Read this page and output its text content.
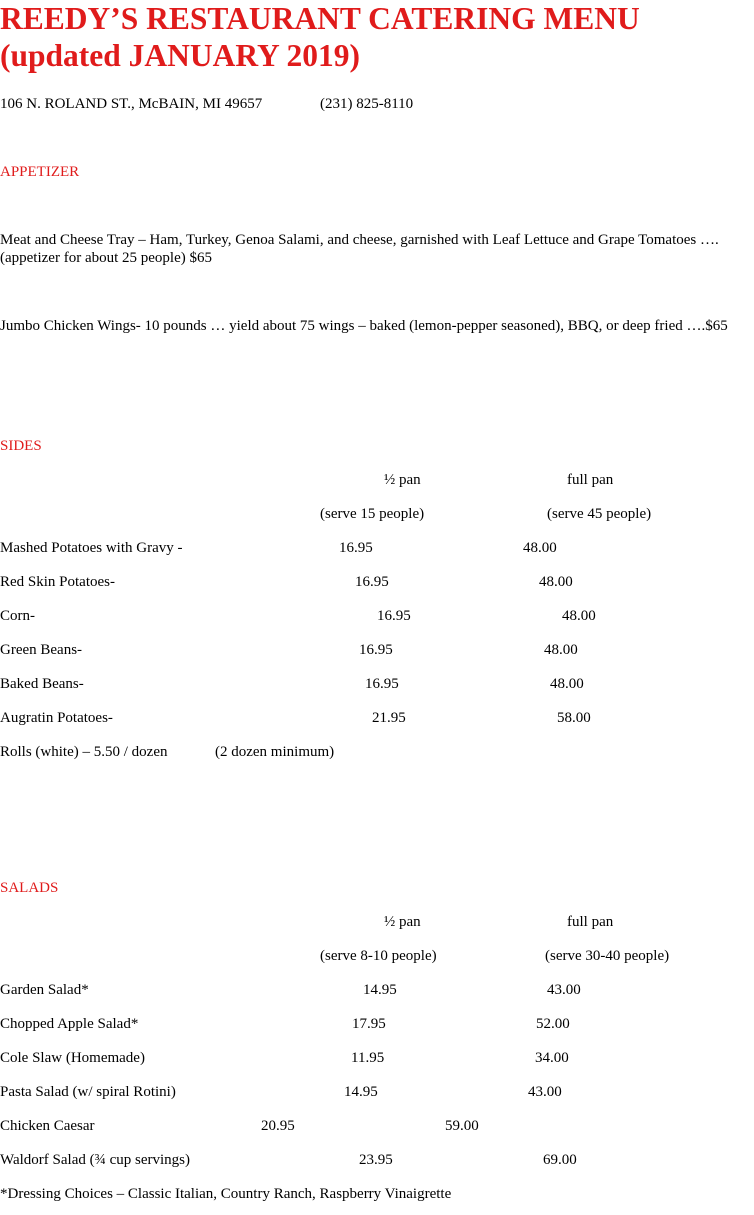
REEDY’S RESTAURANT CATERING MENU
(updated JANUARY 2019)
106 N. ROLAND ST., McBAIN, MI 49657	(231) 825-8110
APPETIZER
Meat and Cheese Tray – Ham, Turkey, Genoa Salami, and cheese, garnished with Leaf Lettuce and Grape Tomatoes ….(appetizer for about 25 people) $65
Jumbo Chicken Wings- 10 pounds … yield about 75 wings – baked (lemon-pepper seasoned), BBQ, or deep fried ….$65
SIDES
½ pan	full pan
(serve 15 people)	(serve 45 people)
Mashed Potatoes with Gravy -	16.95	48.00
Red Skin Potatoes-	16.95	48.00
Corn-	16.95	48.00
Green Beans-	16.95	48.00
Baked Beans-	16.95	48.00
Augratin Potatoes-	21.95	58.00
Rolls (white) – 5.50 / dozen	(2 dozen minimum)
SALADS
½ pan	full pan
(serve 8-10 people)	(serve 30-40 people)
Garden Salad*	14.95	43.00
Chopped Apple Salad*	17.95	52.00
Cole Slaw (Homemade)	11.95	34.00
Pasta Salad (w/ spiral Rotini)	14.95	43.00
Chicken Caesar	20.95	59.00
Waldorf Salad (¾ cup servings)	23.95	69.00
*Dressing Choices – Classic Italian, Country Ranch, Raspberry Vinaigrette
